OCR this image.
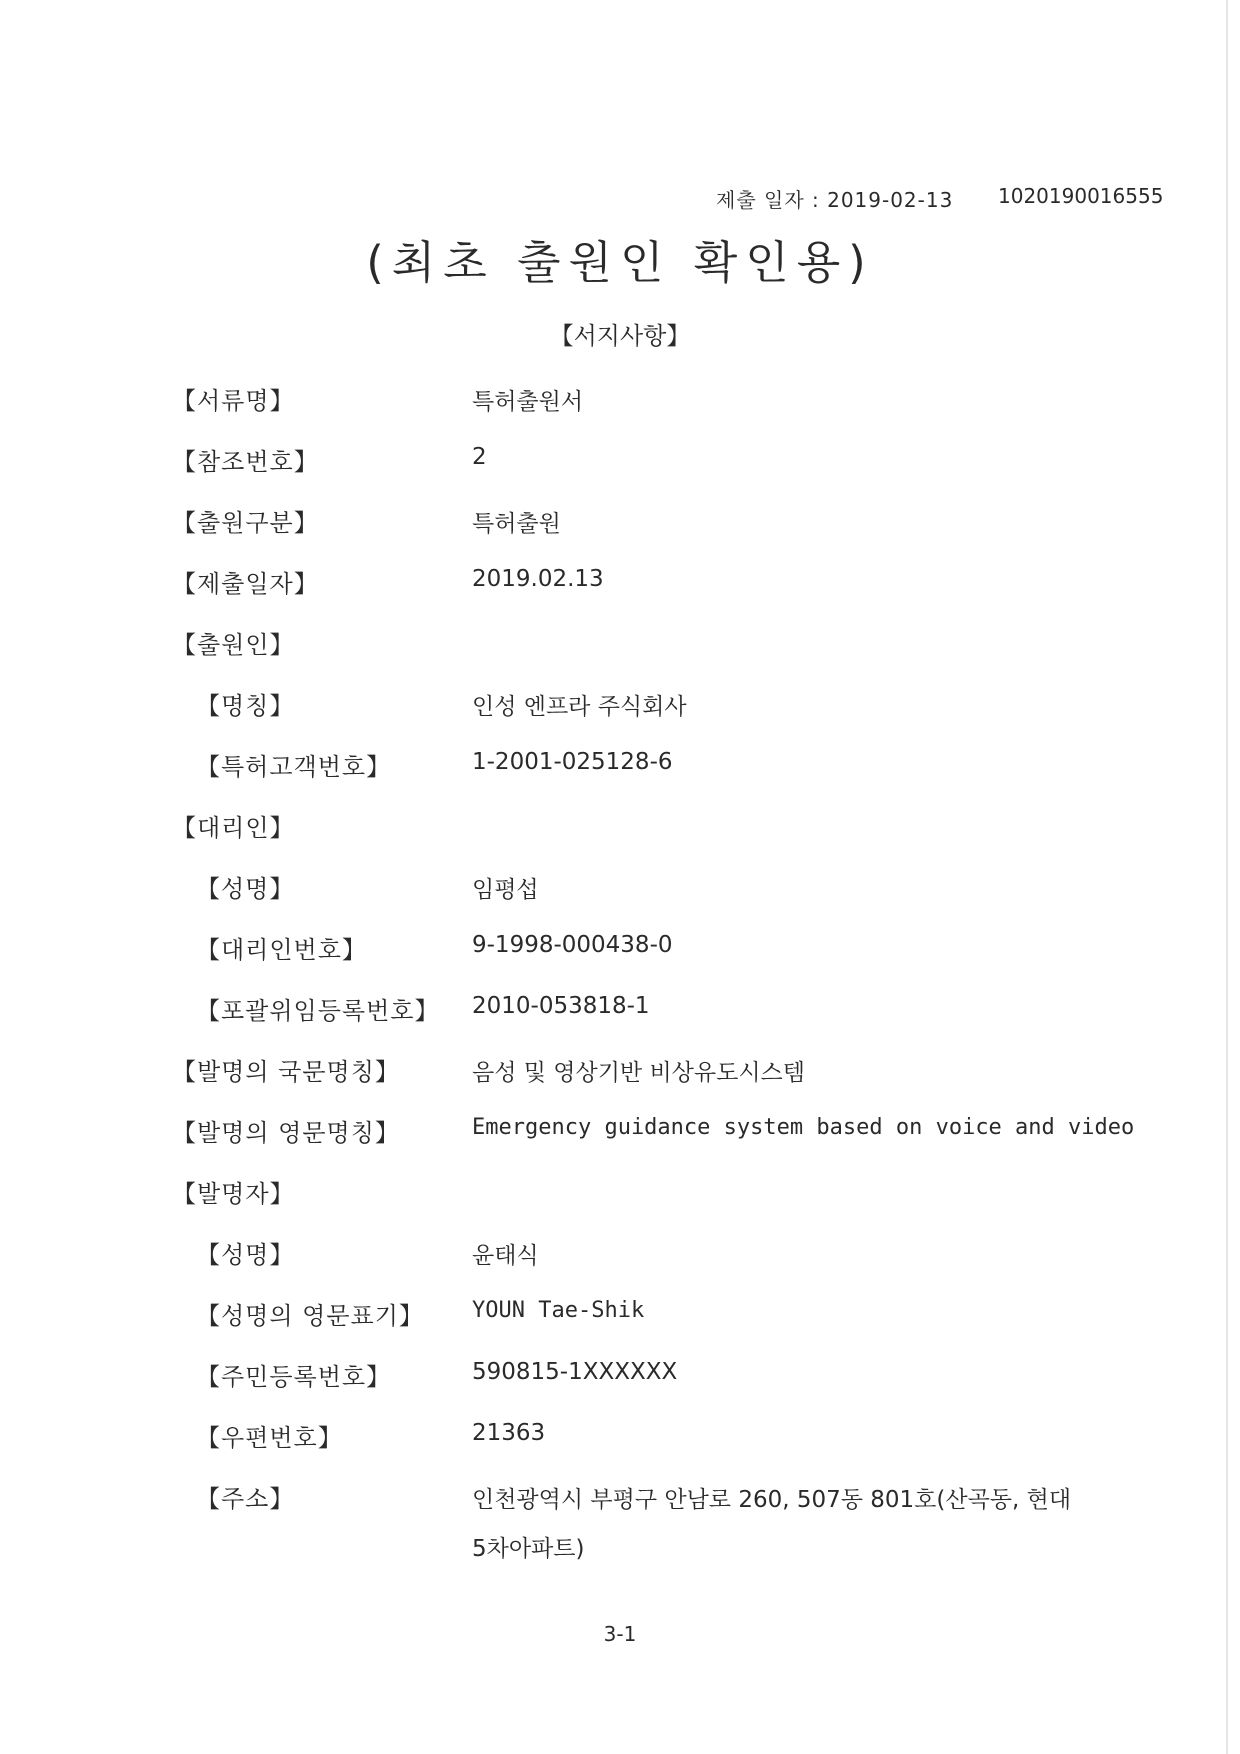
제출 일자 : 2019-02-13 1020190016555
(최초 출원인 확인용)
【서지사항】
【서류명】	특허출원서
【참조번호】	2
【출원구분】	특허출원
【제출일자】	2019.02.13
【출원인】
【명칭】	인성 엔프라 주식회사
【특허고객번호】	1-2001-025128-6
【대리인】
【성명】	임평섭
【대리인번호】	9-1998-000438-0
【포괄위임등록번호】 2010-053818-1
【발명의 국문명칭】	음성 및 영상기반 비상유도시스템
【발명의 영문명칭】	Emergency guidance system based on voice and video
【발명자】
【성명】	윤태식
【성명의 영문표기】 YOUN Tae-Shik
【주민등록번호】	590815-1XXXXXX
【우편번호】	21363
【주소】	인천광역시 부평구 안남로 260, 507동 801호(산곡동, 현대
5차아파트)
3-1
